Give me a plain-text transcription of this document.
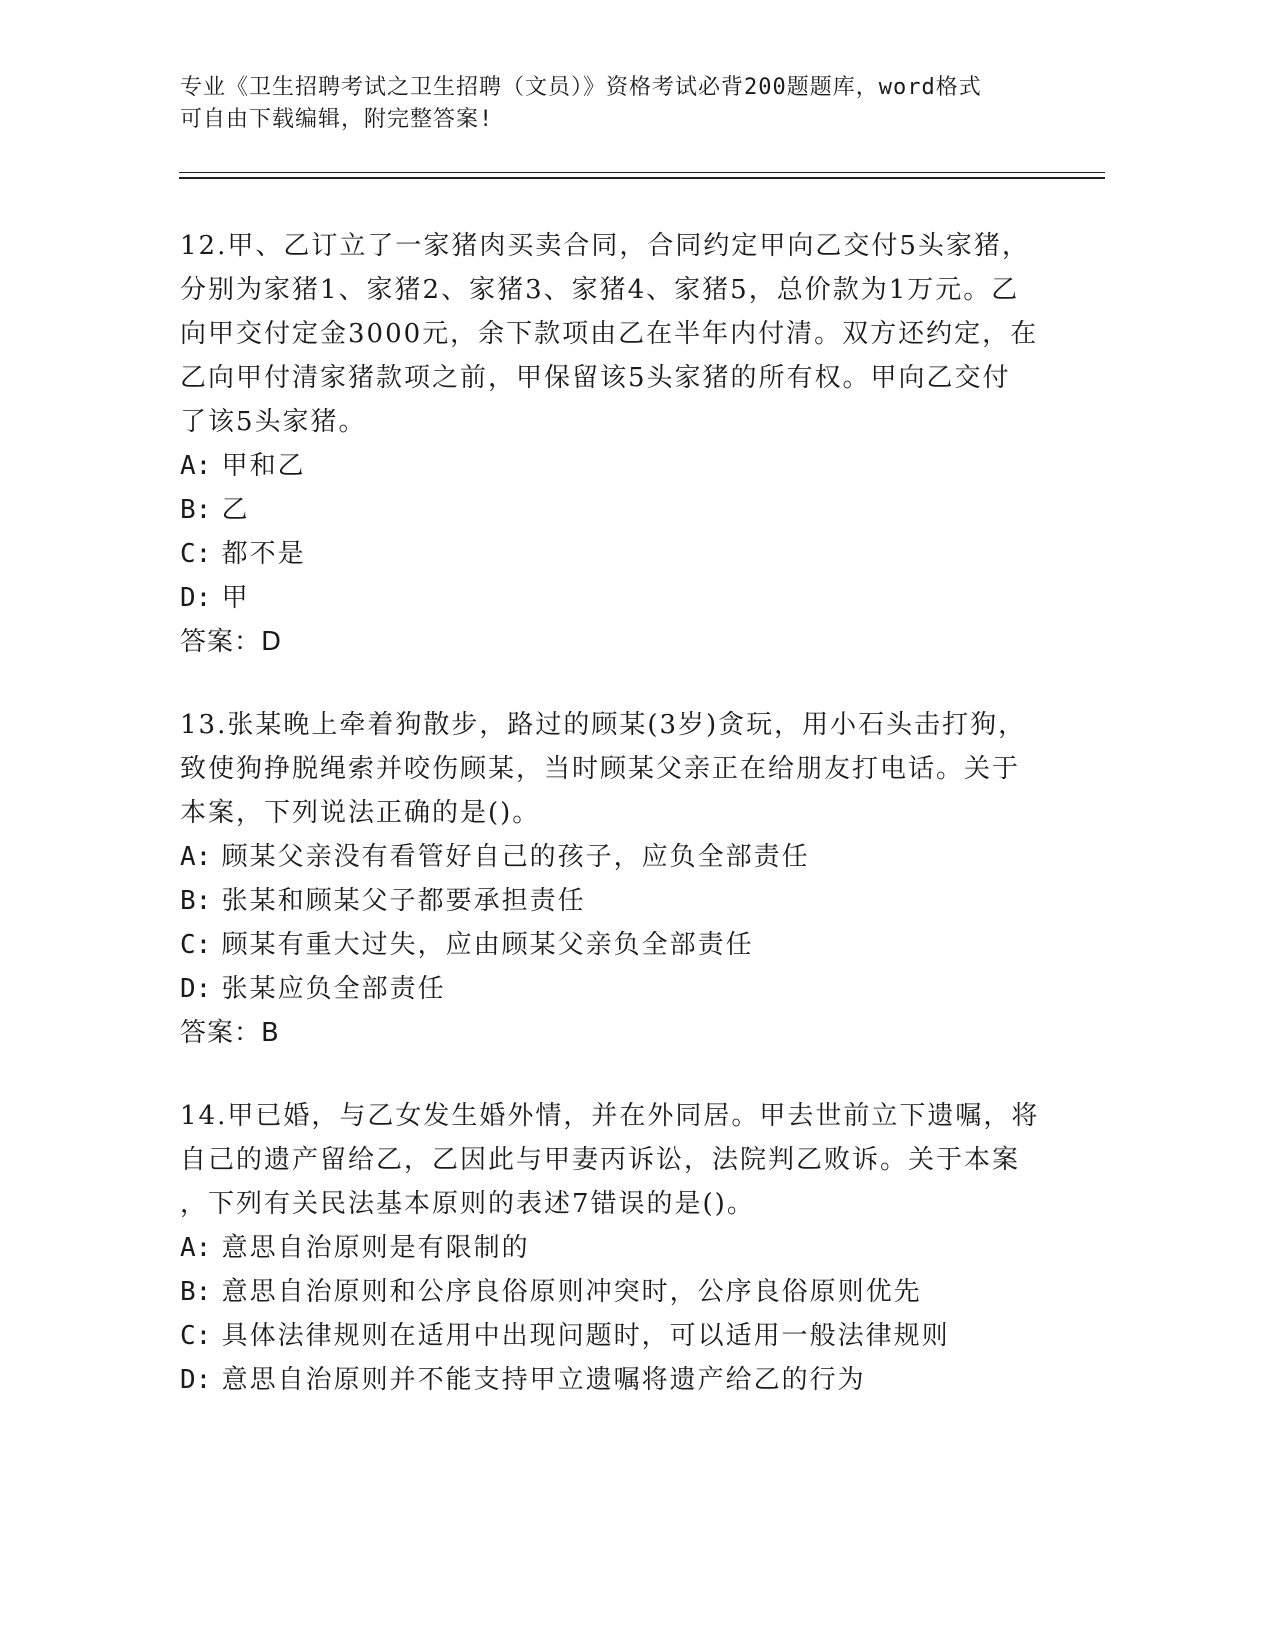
专业《卫生招聘考试之卫生招聘（文员）》资格考试必背200题题库，word格式
可自由下载编辑，附完整答案!
12.甲、乙订立了一家猪肉买卖合同，合同约定甲向乙交付5头家猪，
分别为家猪1、家猪2、家猪3、家猪4、家猪5，总价款为1万元。乙
向甲交付定金3000元，余下款项由乙在半年内付清。双方还约定，在
乙向甲付清家猪款项之前，甲保留该5头家猪的所有权。甲向乙交付
了该5头家猪。
A: 甲和乙
B: 乙
C: 都不是
D: 甲
答案：D
13.张某晚上牵着狗散步，路过的顾某(3岁)贪玩，用小石头击打狗，
致使狗挣脱绳索并咬伤顾某，当时顾某父亲正在给朋友打电话。关于
本案，下列说法正确的是()。
A: 顾某父亲没有看管好自己的孩子，应负全部责任
B: 张某和顾某父子都要承担责任
C: 顾某有重大过失，应由顾某父亲负全部责任
D: 张某应负全部责任
答案：B
14.甲已婚，与乙女发生婚外情，并在外同居。甲去世前立下遗嘱，将
自己的遗产留给乙，乙因此与甲妻丙诉讼，法院判乙败诉。关于本案
，下列有关民法基本原则的表述7错误的是()。
A: 意思自治原则是有限制的
B: 意思自治原则和公序良俗原则冲突时，公序良俗原则优先
C: 具体法律规则在适用中出现问题时，可以适用一般法律规则
D: 意思自治原则并不能支持甲立遗嘱将遗产给乙的行为
